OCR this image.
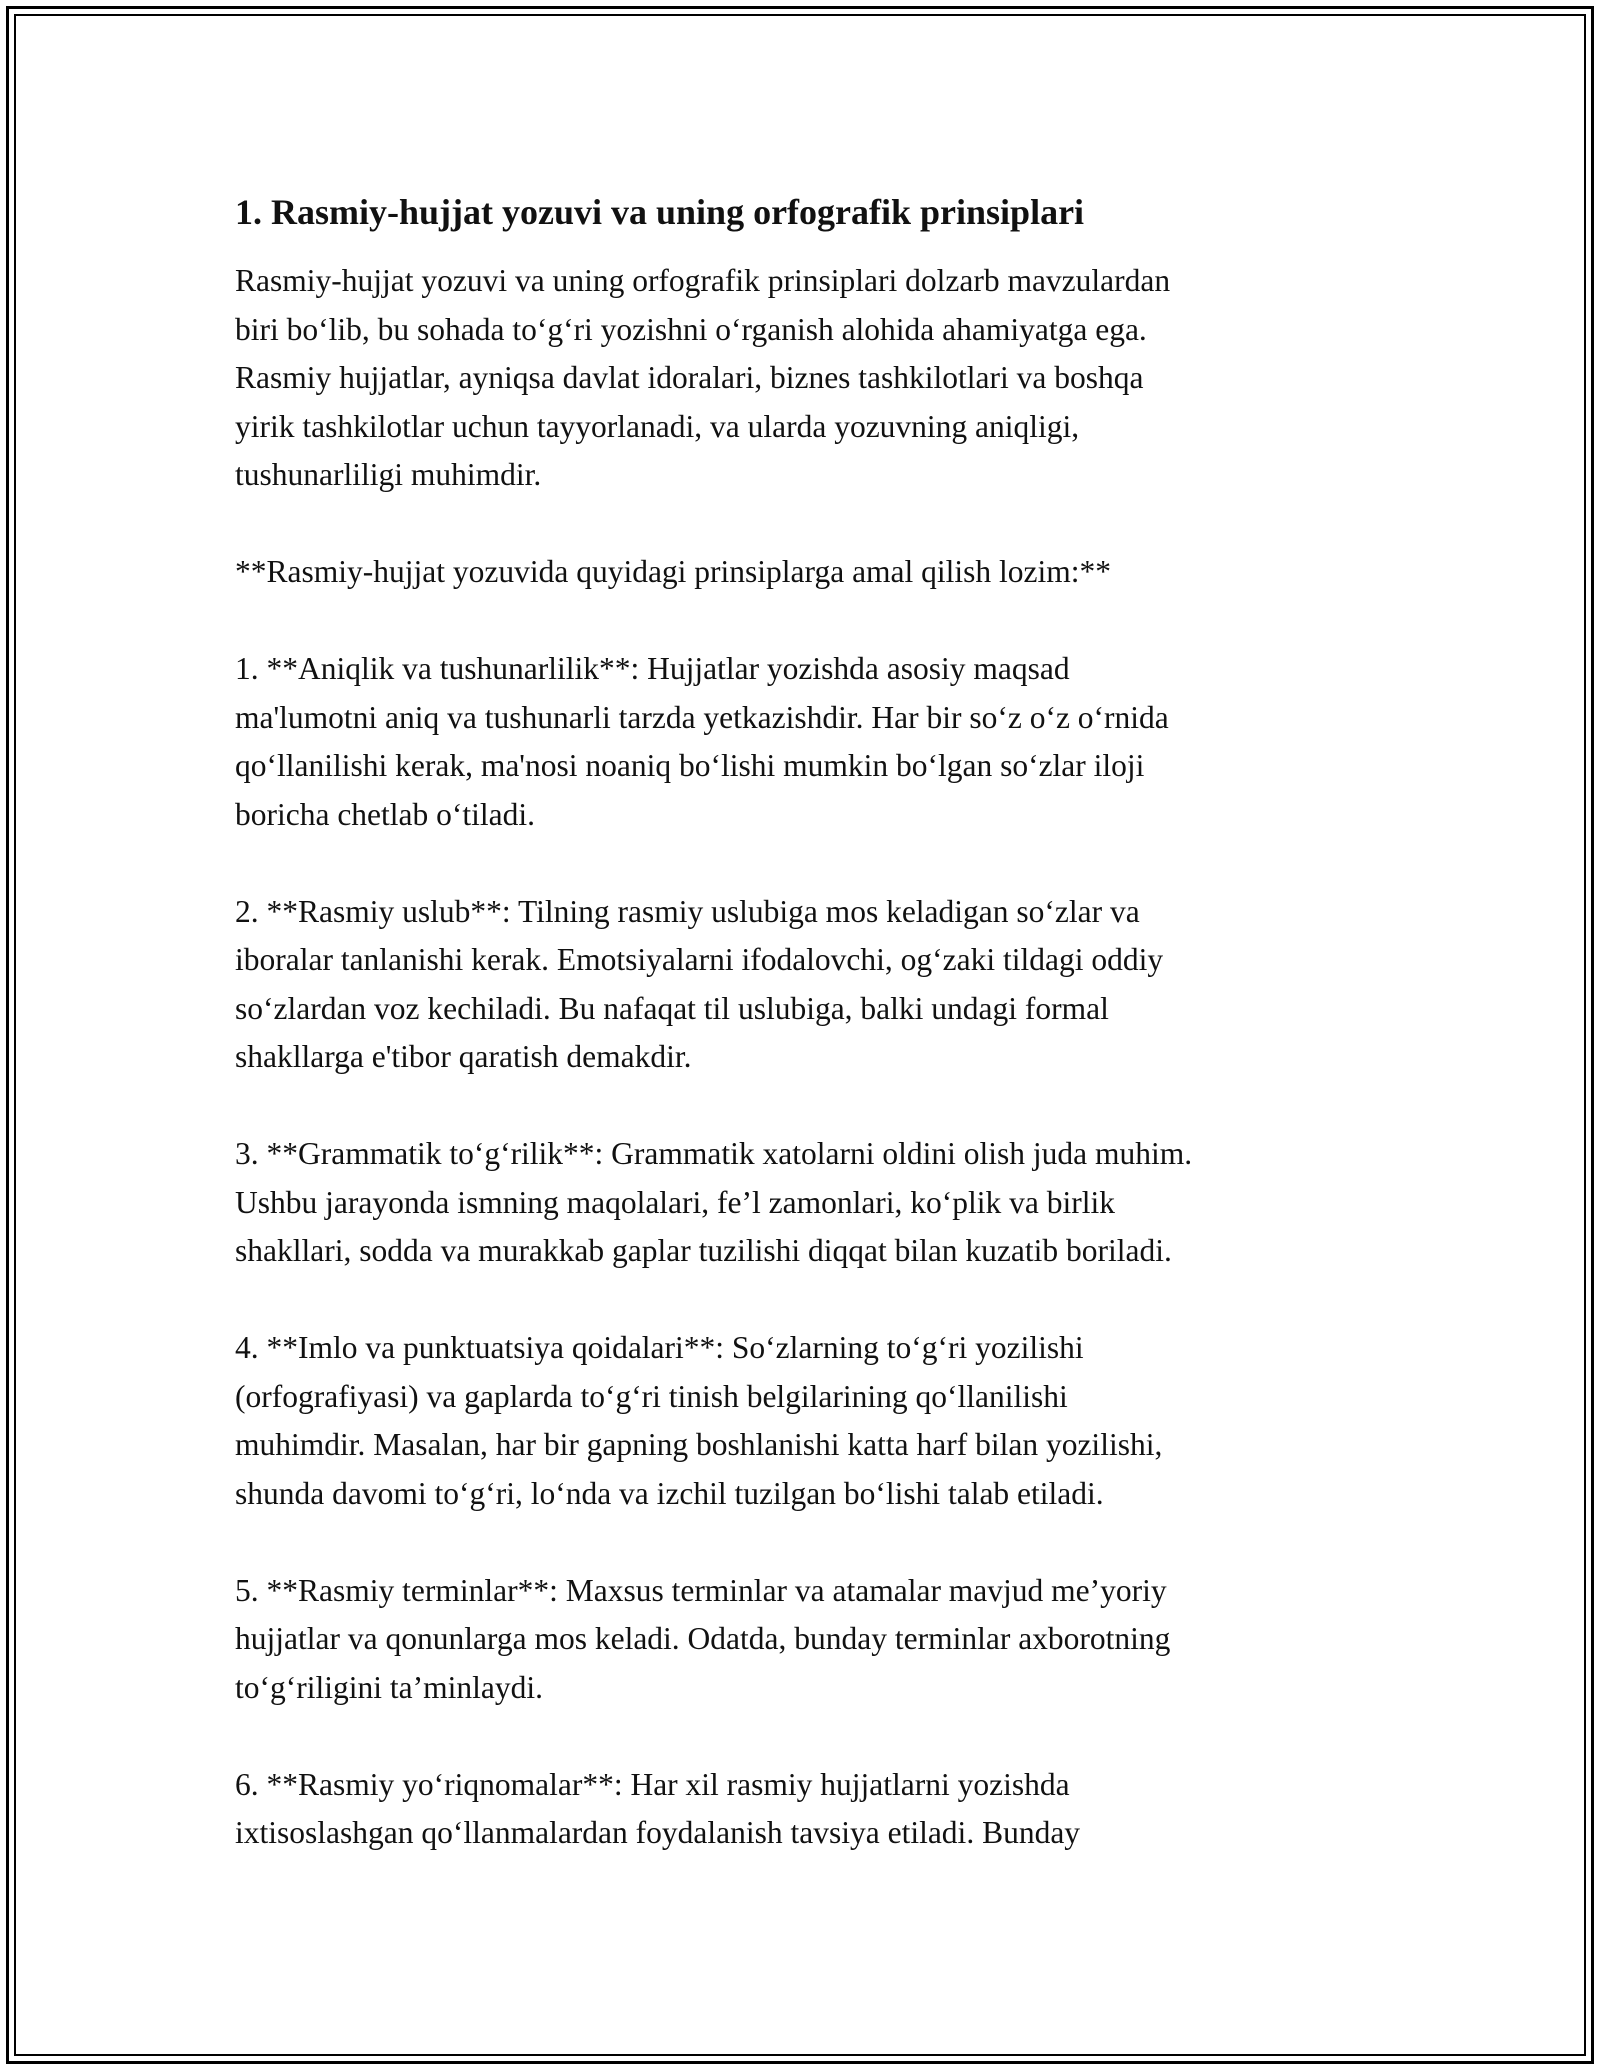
1. Rasmiy-hujjat yozuvi va uning orfografik prinsiplari
Rasmiy-hujjat yozuvi va uning orfografik prinsiplari dolzarb mavzulardan
biri bo‘lib, bu sohada to‘g‘ri yozishni o‘rganish alohida ahamiyatga ega.
Rasmiy hujjatlar, ayniqsa davlat idoralari, biznes tashkilotlari va boshqa
yirik tashkilotlar uchun tayyorlanadi, va ularda yozuvning aniqligi,
tushunarliligi muhimdir.
**Rasmiy-hujjat yozuvida quyidagi prinsiplarga amal qilish lozim:**
1. **Aniqlik va tushunarlilik**: Hujjatlar yozishda asosiy maqsad
ma'lumotni aniq va tushunarli tarzda yetkazishdir. Har bir so‘z o‘z o‘rnida
qo‘llanilishi kerak, ma'nosi noaniq bo‘lishi mumkin bo‘lgan so‘zlar iloji
boricha chetlab o‘tiladi.
2. **Rasmiy uslub**: Tilning rasmiy uslubiga mos keladigan so‘zlar va
iboralar tanlanishi kerak. Emotsiyalarni ifodalovchi, og‘zaki tildagi oddiy
so‘zlardan voz kechiladi. Bu nafaqat til uslubiga, balki undagi formal
shakllarga e'tibor qaratish demakdir.
3. **Grammatik to‘g‘rilik**: Grammatik xatolarni oldini olish juda muhim.
Ushbu jarayonda ismning maqolalari, fe’l zamonlari, ko‘plik va birlik
shakllari, sodda va murakkab gaplar tuzilishi diqqat bilan kuzatib boriladi.
4. **Imlo va punktuatsiya qoidalari**: So‘zlarning to‘g‘ri yozilishi
(orfografiyasi) va gaplarda to‘g‘ri tinish belgilarining qo‘llanilishi
muhimdir. Masalan, har bir gapning boshlanishi katta harf bilan yozilishi,
shunda davomi to‘g‘ri, lo‘nda va izchil tuzilgan bo‘lishi talab etiladi.
5. **Rasmiy terminlar**: Maxsus terminlar va atamalar mavjud me’yoriy
hujjatlar va qonunlarga mos keladi. Odatda, bunday terminlar axborotning
to‘g‘riligini ta’minlaydi.
6. **Rasmiy yo‘riqnomalar**: Har xil rasmiy hujjatlarni yozishda
ixtisoslashgan qo‘llanmalardan foydalanish tavsiya etiladi. Bunday
